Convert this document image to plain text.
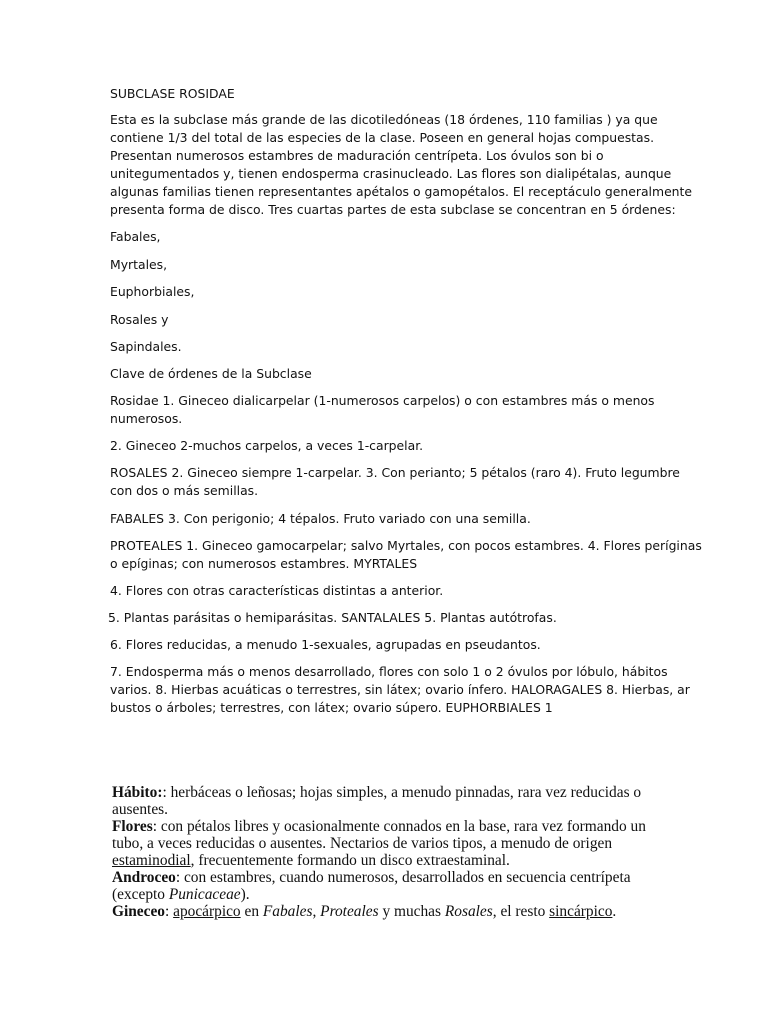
SUBCLASE ROSIDAE
Esta es la subclase más grande de las dicotiledóneas (18 órdenes, 110 familias ) ya que
contiene 1/3 del total de las especies de la clase. Poseen en general hojas compuestas.
Presentan numerosos estambres de maduración centrípeta. Los óvulos son bi o
unitegumentados y, tienen endosperma crasinucleado. Las flores son dialipétalas, aunque
algunas familias tienen representantes apétalos o gamopétalos. El receptáculo generalmente
presenta forma de disco. Tres cuartas partes de esta subclase se concentran en 5 órdenes:
Fabales,
Myrtales,
Euphorbiales,
Rosales y
Sapindales.
Clave de órdenes de la Subclase
Rosidae 1. Gineceo dialicarpelar (1-numerosos carpelos) o con estambres más o menos
numerosos.
2. Gineceo 2-muchos carpelos, a veces 1-carpelar.
ROSALES 2. Gineceo siempre 1-carpelar. 3. Con perianto; 5 pétalos (raro 4). Fruto legumbre
con dos o más semillas.
FABALES 3. Con perigonio; 4 tépalos. Fruto variado con una semilla.
PROTEALES 1. Gineceo gamocarpelar; salvo Myrtales, con pocos estambres. 4. Flores períginas
o epíginas; con numerosos estambres. MYRTALES
4. Flores con otras características distintas a anterior.
5. Plantas parásitas o hemiparásitas. SANTALALES 5. Plantas autótrofas.
6. Flores reducidas, a menudo 1-sexuales, agrupadas en pseudantos.
7. Endosperma más o menos desarrollado, flores con solo 1 o 2 óvulos por lóbulo, hábitos
varios. 8. Hierbas acuáticas o terrestres, sin látex; ovario ínfero. HALORAGALES 8. Hierbas, ar
bustos o árboles; terrestres, con látex; ovario súpero. EUPHORBIALES 1
Hábito:: herbáceas o leñosas; hojas simples, a menudo pinnadas, rara vez reducidas o
ausentes.
Flores: con pétalos libres y ocasionalmente connados en la base, rara vez formando un
tubo, a veces reducidas o ausentes. Nectarios de varios tipos, a menudo de origen
estaminodial, frecuentemente formando un disco extraestaminal.
Androceo: con estambres, cuando numerosos, desarrollados en secuencia centrípeta
(excepto Punicaceae).
Gineceo: apocárpico en Fabales, Proteales y muchas Rosales, el resto sincárpico.
